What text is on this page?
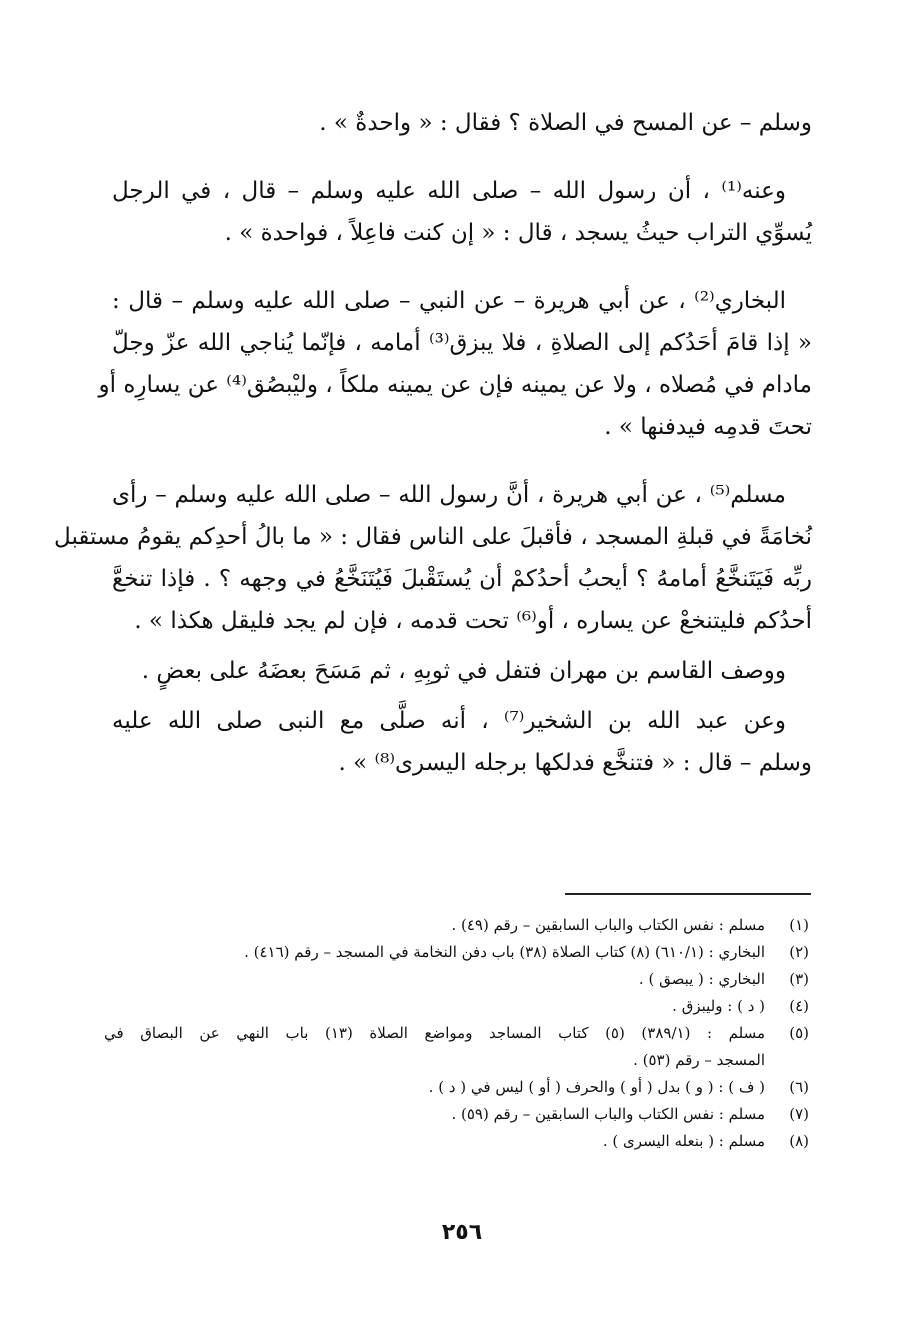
وسلم – عن المسح في الصلاة ؟ فقال : « واحدةٌ » .
وعنه⁽¹⁾ ، أن رسول الله – صلى الله عليه وسلم – قال ، في الرجل
يُسوِّي التراب حيثُ يسجد ، قال : « إن كنت فاعِلاً ، فواحدة » .
البخاري⁽²⁾ ، عن أبي هريرة – عن النبي – صلى الله عليه وسلم – قال :
« إذا قامَ أحَدُكم إلى الصلاةِ ، فلا يبزق⁽³⁾ أمامه ، فإنّما يُناجي الله عزّ وجلّ
مادام في مُصلاه ، ولا عن يمينه فإن عن يمينه ملكاً ، وليْبصُق⁽⁴⁾ عن يسارِه أو
تحتَ قدمِه فيدفنها » .
مسلم⁽⁵⁾ ، عن أبي هريرة ، أنَّ رسول الله – صلى الله عليه وسلم – رأى
نُخامَةً في قبلةِ المسجد ، فأقبلَ على الناس فقال : « ما بالُ أحدِكم يقومُ مستقبل
ربِّه فَيَتَنخَّعُ أمامهُ ؟ أيحبُ أحدُكمْ أن يُستَقْبلَ فَيُتَنَخَّعُ في وجهه ؟ . فإذا تنخعَّ
أحدُكم فليتنخعْ عن يساره ، أو⁽⁶⁾ تحت قدمه ، فإن لم يجد فليقل هكذا » .
ووصف القاسم بن مهران فتفل في ثوبِهِ ، ثم مَسَحَ بعضَهُ على بعضٍ .
وعن عبد الله بن الشخير⁽⁷⁾ ، أنه صلَّى مع النبى صلى الله عليه
وسلم – قال : « فتنخَّع فدلكها برجله اليسرى⁽⁸⁾ » .
(١)
مسلم : نفس الكتاب والباب السابقين – رقم (٤٩) .
(٢)
البخاري : (٦١٠/١) (٨) كتاب الصلاة (٣٨) باب دفن النخامة في المسجد – رقم (٤١٦) .
(٣)
البخاري : ( يبصق ) .
(٤)
( د ) : وليبزق .
(٥)
مسلم : (٣٨٩/١) (٥) كتاب المساجد ومواضع الصلاة (١٣) باب النهي عن البصاق في
المسجد – رقم (٥٣) .
(٦)
( ف ) : ( و ) بدل ( أو ) والحرف ( أو ) ليس في ( د ) .
(٧)
مسلم : نفس الكتاب والباب السابقين – رقم (٥٩) .
(٨)
مسلم : ( بنعله اليسرى ) .
٢٥٦
